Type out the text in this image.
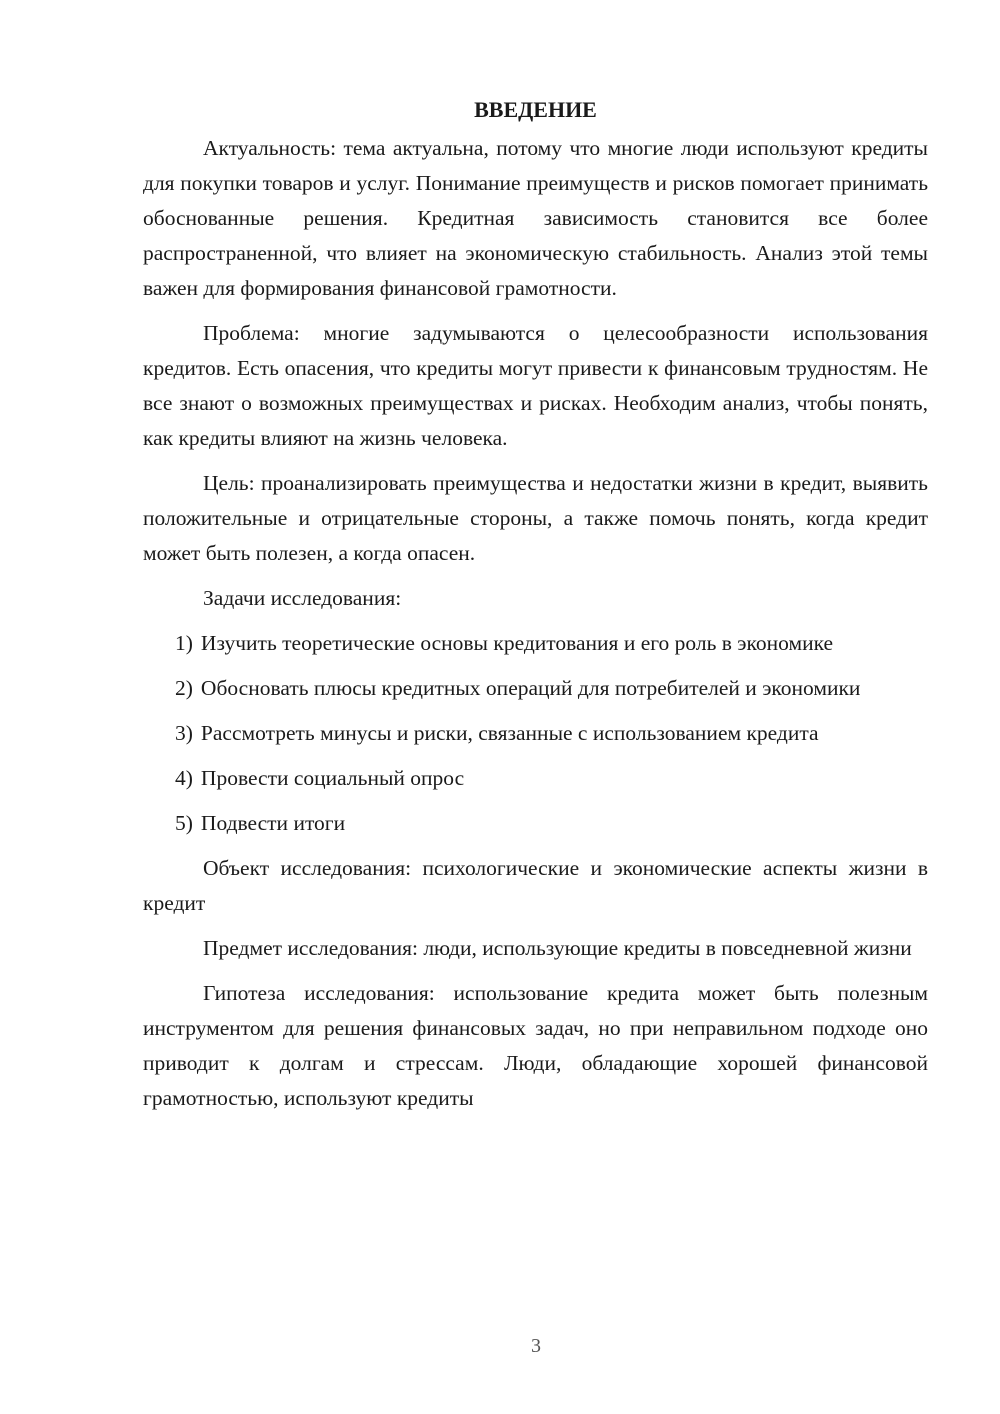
ВВЕДЕНИЕ

Актуальность: тема актуальна, потому что многие люди используют кредиты для покупки товаров и услуг. Понимание преимуществ и рисков помогает принимать обоснованные решения. Кредитная зависимость становится все более распространенной, что влияет на экономическую стабильность. Анализ этой темы важен для формирования финансовой грамотности.

Проблема: многие задумываются о целесообразности использования кредитов. Есть опасения, что кредиты могут привести к финансовым трудностям. Не все знают о возможных преимуществах и рисках. Необходим анализ, чтобы понять, как кредиты влияют на жизнь человека.

Цель: проанализировать преимущества и недостатки жизни в кредит, выявить положительные и отрицательные стороны, а также помочь понять, когда кредит может быть полезен, а когда опасен.

Задачи исследования:

1) Изучить теоретические основы кредитования и его роль в экономике

2) Обосновать плюсы кредитных операций для потребителей и экономики

3) Рассмотреть минусы и риски, связанные с использованием кредита

4) Провести социальный опрос

5) Подвести итоги

Объект исследования: психологические и экономические аспекты жизни в кредит

Предмет исследования: люди, использующие кредиты в повседневной жизни

Гипотеза исследования: использование кредита может быть полезным инструментом для решения финансовых задач, но при неправильном подходе оно приводит к долгам и стрессам. Люди, обладающие хорошей финансовой грамотностью, используют кредиты

3
